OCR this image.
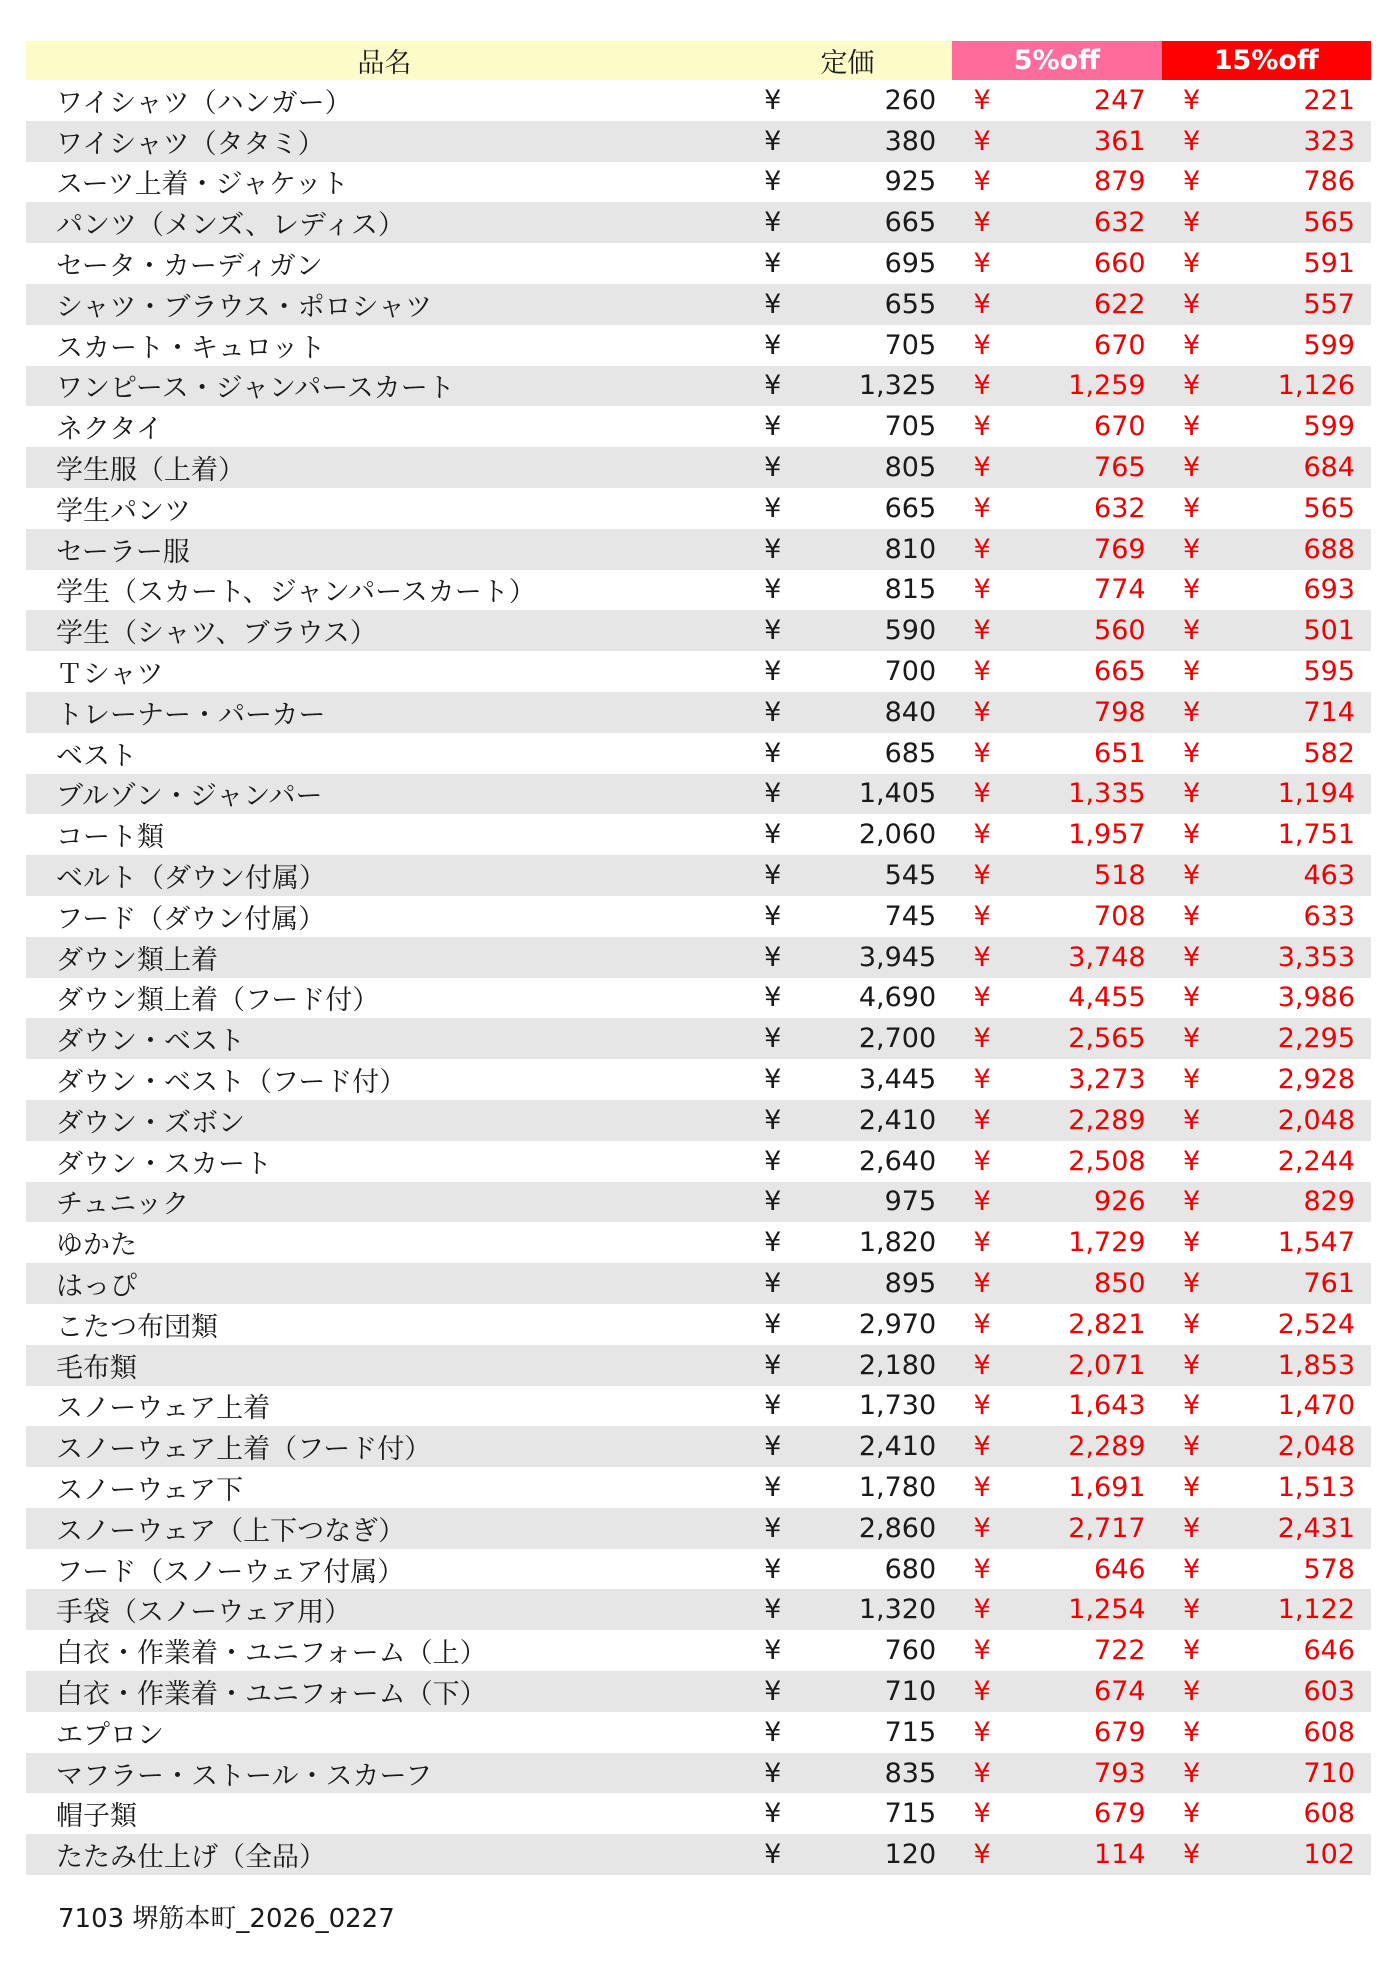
品名	定価		5%off		15%off	
ワイシャツ（ハンガー）	¥	260	¥	247	¥	221
ワイシャツ（タタミ）	¥	380	¥	361	¥	323
スーツ上着・ジャケット	¥	925	¥	879	¥	786
パンツ（メンズ、レディス）	¥	665	¥	632	¥	565
セータ・カーディガン	¥	695	¥	660	¥	591
シャツ・ブラウス・ポロシャツ	¥	655	¥	622	¥	557
スカート・キュロット	¥	705	¥	670	¥	599
ワンピース・ジャンパースカート	¥	1,325	¥	1,259	¥	1,126
ネクタイ	¥	705	¥	670	¥	599
学生服（上着）	¥	805	¥	765	¥	684
学生パンツ	¥	665	¥	632	¥	565
セーラー服	¥	810	¥	769	¥	688
学生（スカート、ジャンパースカート）	¥	815	¥	774	¥	693
学生（シャツ、ブラウス）	¥	590	¥	560	¥	501
Ｔシャツ	¥	700	¥	665	¥	595
トレーナー・パーカー	¥	840	¥	798	¥	714
ベスト	¥	685	¥	651	¥	582
ブルゾン・ジャンパー	¥	1,405	¥	1,335	¥	1,194
コート類	¥	2,060	¥	1,957	¥	1,751
ベルト（ダウン付属）	¥	545	¥	518	¥	463
フード（ダウン付属）	¥	745	¥	708	¥	633
ダウン類上着	¥	3,945	¥	3,748	¥	3,353
ダウン類上着（フード付）	¥	4,690	¥	4,455	¥	3,986
ダウン・ベスト	¥	2,700	¥	2,565	¥	2,295
ダウン・ベスト（フード付）	¥	3,445	¥	3,273	¥	2,928
ダウン・ズボン	¥	2,410	¥	2,289	¥	2,048
ダウン・スカート	¥	2,640	¥	2,508	¥	2,244
チュニック	¥	975	¥	926	¥	829
ゆかた	¥	1,820	¥	1,729	¥	1,547
はっぴ	¥	895	¥	850	¥	761
こたつ布団類	¥	2,970	¥	2,821	¥	2,524
毛布類	¥	2,180	¥	2,071	¥	1,853
スノーウェア上着	¥	1,730	¥	1,643	¥	1,470
スノーウェア上着（フード付）	¥	2,410	¥	2,289	¥	2,048
スノーウェア下	¥	1,780	¥	1,691	¥	1,513
スノーウェア（上下つなぎ）	¥	2,860	¥	2,717	¥	2,431
フード（スノーウェア付属）	¥	680	¥	646	¥	578
手袋（スノーウェア用）	¥	1,320	¥	1,254	¥	1,122
白衣・作業着・ユニフォーム（上）	¥	760	¥	722	¥	646
白衣・作業着・ユニフォーム（下）	¥	710	¥	674	¥	603
エプロン	¥	715	¥	679	¥	608
マフラー・ストール・スカーフ	¥	835	¥	793	¥	710
帽子類	¥	715	¥	679	¥	608
たたみ仕上げ（全品）	¥	120	¥	114	¥	102
7103 堺筋本町_2026_0227
